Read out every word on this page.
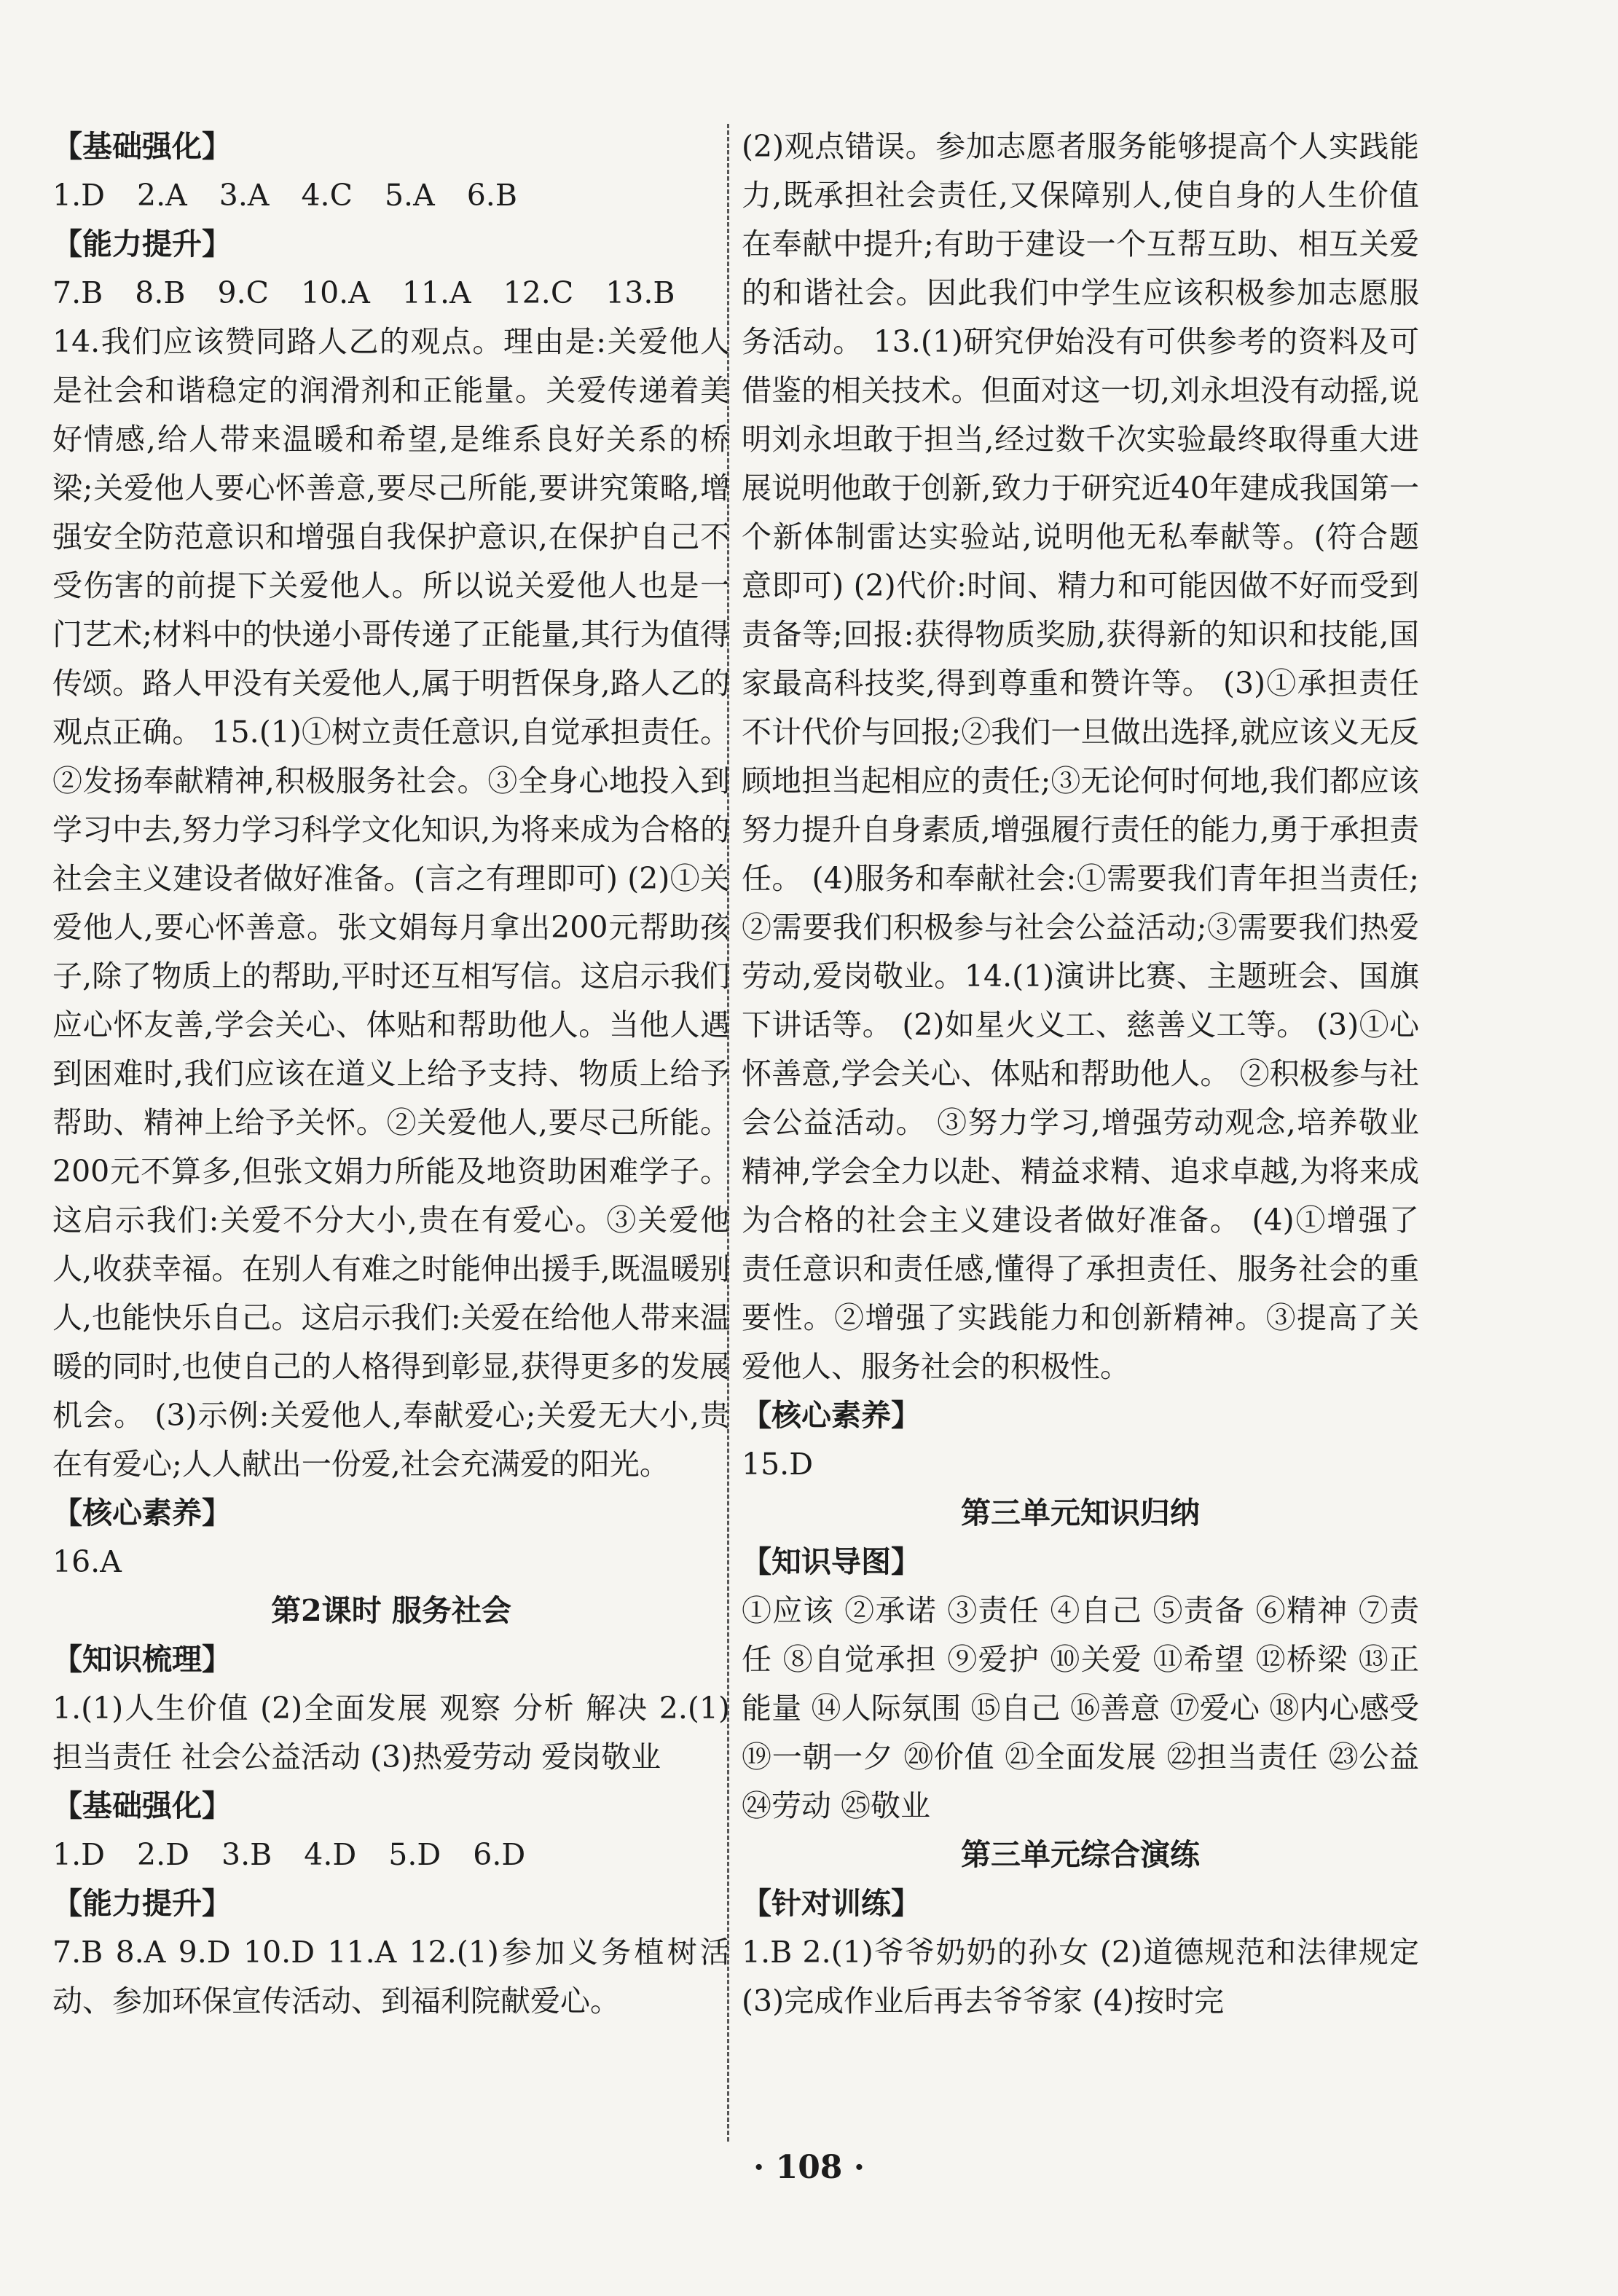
【基础强化】
1.D 2.A 3.A 4.C 5.A 6.B
【能力提升】
7.B 8.B 9.C 10.A 11.A 12.C 13.B
14.我们应该赞同路人乙的观点。理由是:关爱他人是社会和谐稳定的润滑剂和正能量。关爱传递着美好情感,给人带来温暖和希望,是维系良好关系的桥梁;关爱他人要心怀善意,要尽己所能,要讲究策略,增强安全防范意识和增强自我保护意识,在保护自己不受伤害的前提下关爱他人。所以说关爱他人也是一门艺术;材料中的快递小哥传递了正能量,其行为值得传颂。路人甲没有关爱他人,属于明哲保身,路人乙的观点正确。 15.(1)①树立责任意识,自觉承担责任。②发扬奉献精神,积极服务社会。③全身心地投入到学习中去,努力学习科学文化知识,为将来成为合格的社会主义建设者做好准备。(言之有理即可) (2)①关爱他人,要心怀善意。张文娟每月拿出200元帮助孩子,除了物质上的帮助,平时还互相写信。这启示我们应心怀友善,学会关心、体贴和帮助他人。当他人遇到困难时,我们应该在道义上给予支持、物质上给予帮助、精神上给予关怀。②关爱他人,要尽己所能。200元不算多,但张文娟力所能及地资助困难学子。这启示我们:关爱不分大小,贵在有爱心。③关爱他人,收获幸福。在别人有难之时能伸出援手,既温暖别人,也能快乐自己。这启示我们:关爱在给他人带来温暖的同时,也使自己的人格得到彰显,获得更多的发展机会。 (3)示例:关爱他人,奉献爱心;关爱无大小,贵在有爱心;人人献出一份爱,社会充满爱的阳光。
【核心素养】
16.A
第2课时 服务社会
【知识梳理】
1.(1)人生价值 (2)全面发展 观察 分析 解决 2.(1)担当责任 社会公益活动 (3)热爱劳动 爱岗敬业
【基础强化】
1.D 2.D 3.B 4.D 5.D 6.D
【能力提升】
7.B 8.A 9.D 10.D 11.A 12.(1)参加义务植树活动、参加环保宣传活动、到福利院献爱心。
(2)观点错误。参加志愿者服务能够提高个人实践能力,既承担社会责任,又保障别人,使自身的人生价值在奉献中提升;有助于建设一个互帮互助、相互关爱的和谐社会。因此我们中学生应该积极参加志愿服务活动。 13.(1)研究伊始没有可供参考的资料及可借鉴的相关技术。但面对这一切,刘永坦没有动摇,说明刘永坦敢于担当,经过数千次实验最终取得重大进展说明他敢于创新,致力于研究近40年建成我国第一个新体制雷达实验站,说明他无私奉献等。(符合题意即可) (2)代价:时间、精力和可能因做不好而受到责备等;回报:获得物质奖励,获得新的知识和技能,国家最高科技奖,得到尊重和赞许等。 (3)①承担责任不计代价与回报;②我们一旦做出选择,就应该义无反顾地担当起相应的责任;③无论何时何地,我们都应该努力提升自身素质,增强履行责任的能力,勇于承担责任。 (4)服务和奉献社会:①需要我们青年担当责任;②需要我们积极参与社会公益活动;③需要我们热爱劳动,爱岗敬业。14.(1)演讲比赛、主题班会、国旗下讲话等。 (2)如星火义工、慈善义工等。 (3)①心怀善意,学会关心、体贴和帮助他人。 ②积极参与社会公益活动。 ③努力学习,增强劳动观念,培养敬业精神,学会全力以赴、精益求精、追求卓越,为将来成为合格的社会主义建设者做好准备。 (4)①增强了责任意识和责任感,懂得了承担责任、服务社会的重要性。②增强了实践能力和创新精神。③提高了关爱他人、服务社会的积极性。
【核心素养】
15.D
第三单元知识归纳
【知识导图】
①应该 ②承诺 ③责任 ④自己 ⑤责备 ⑥精神 ⑦责任 ⑧自觉承担 ⑨爱护 ⑩关爱 ⑪希望 ⑫桥梁 ⑬正能量 ⑭人际氛围 ⑮自己 ⑯善意 ⑰爱心 ⑱内心感受 ⑲一朝一夕 ⑳价值 ㉑全面发展 ㉒担当责任 ㉓公益 ㉔劳动 ㉕敬业
第三单元综合演练
【针对训练】
1.B 2.(1)爷爷奶奶的孙女 (2)道德规范和法律规定 (3)完成作业后再去爷爷家 (4)按时完
· 108 ·
